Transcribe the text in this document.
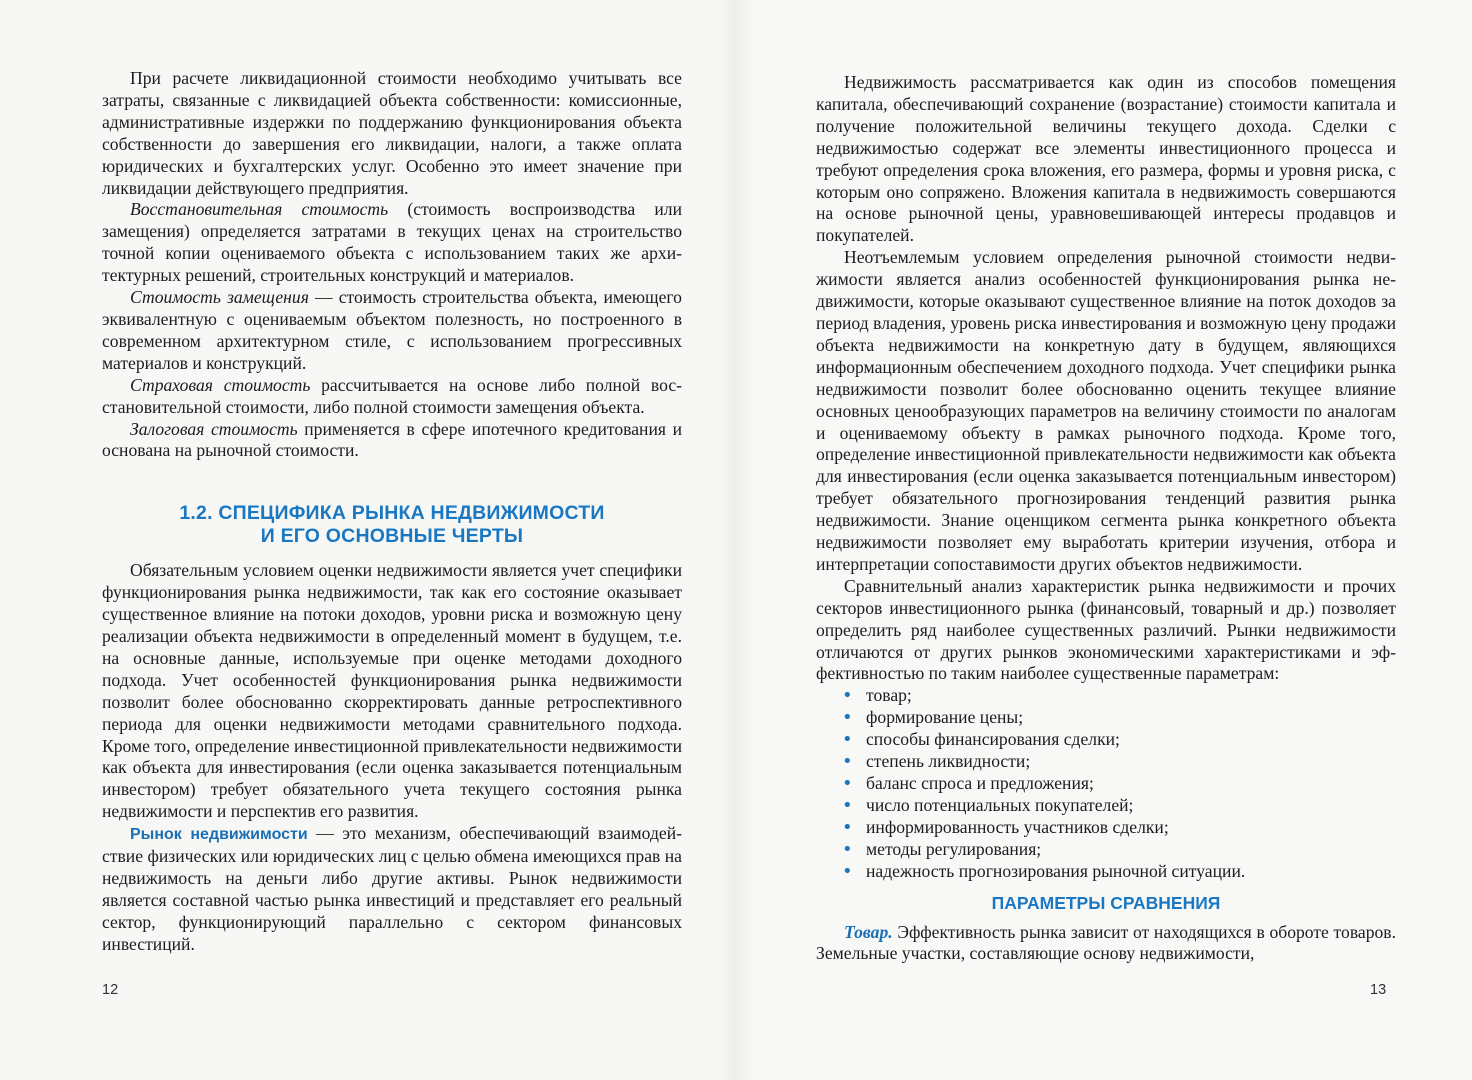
При расчете ликвидационной стоимости необходимо учитывать все затраты, связанные с ликвидацией объекта собственности: комиссионные, административные издержки по поддержанию функционирования объекта собственности до завершения его ликвидации, налоги, а также оплата юридических и бухгалтерских услуг. Особенно это имеет значение при ликвидации действующего предприятия.

Восстановительная стоимость (стоимость воспроизводства или замещения) определяется затратами в текущих ценах на строительство точной копии оцениваемого объекта с использованием таких же архитектурных решений, строительных конструкций и материалов.

Стоимость замещения — стоимость строительства объекта, имеющего эквивалентную с оцениваемым объектом полезность, но построенного в современном архитектурном стиле, с использованием прогрессивных материалов и конструкций.

Страховая стоимость рассчитывается на основе либо полной восстановительной стоимости, либо полной стоимости замещения объекта.

Залоговая стоимость применяется в сфере ипотечного кредитования и основана на рыночной стоимости.

1.2. СПЕЦИФИКА РЫНКА НЕДВИЖИМОСТИ
И ЕГО ОСНОВНЫЕ ЧЕРТЫ

Обязательным условием оценки недвижимости является учет специфики функционирования рынка недвижимости, так как его состояние оказывает существенное влияние на потоки доходов, уровни риска и возможную цену реализации объекта недвижимости в определенный момент в будущем, т.е. на основные данные, используемые при оценке методами доходного подхода. Учет особенностей функционирования рынка недвижимости позволит более обоснованно скорректировать данные ретроспективного периода для оценки недвижимости методами сравнительного подхода. Кроме того, определение инвестиционной привлекательности недвижимости как объекта для инвестирования (если оценка заказывается потенциальным инвестором) требует обязательного учета текущего состояния рынка недвижимости и перспектив его развития.

Рынок недвижимости — это механизм, обеспечивающий взаимодействие физических или юридических лиц с целью обмена имеющихся прав на недвижимость на деньги либо другие активы. Рынок недвижимости является составной частью рынка инвестиций и представляет его реальный сектор, функционирующий параллельно с сектором финансовых инвестиций.

12

Недвижимость рассматривается как один из способов помещения капитала, обеспечивающий сохранение (возрастание) стоимости капитала и получение положительной величины текущего дохода. Сделки с недвижимостью содержат все элементы инвестиционного процесса и требуют определения срока вложения, его размера, формы и уровня риска, с которым оно сопряжено. Вложения капитала в недвижимость совершаются на основе рыночной цены, уравновешивающей интересы продавцов и покупателей.

Неотъемлемым условием определения рыночной стоимости недвижимости является анализ особенностей функционирования рынка недвижимости, которые оказывают существенное влияние на поток доходов за период владения, уровень риска инвестирования и возможную цену продажи объекта недвижимости на конкретную дату в будущем, являющихся информационным обеспечением доходного подхода. Учет специфики рынка недвижимости позволит более обоснованно оценить текущее влияние основных ценообразующих параметров на величину стоимости по аналогам и оцениваемому объекту в рамках рыночного подхода. Кроме того, определение инвестиционной привлекательности недвижимости как объекта для инвестирования (если оценка заказывается потенциальным инвестором) требует обязательного прогнозирования тенденций развития рынка недвижимости. Знание оценщиком сегмента рынка конкретного объекта недвижимости позволяет ему выработать критерии изучения, отбора и интерпретации сопоставимости других объектов недвижимости.

Сравнительный анализ характеристик рынка недвижимости и прочих секторов инвестиционного рынка (финансовый, товарный и др.) позволяет определить ряд наиболее существенных различий. Рынки недвижимости отличаются от других рынков экономическими характеристиками и эффективностью по таким наиболее существенные параметрам:

• товар;
• формирование цены;
• способы финансирования сделки;
• степень ликвидности;
• баланс спроса и предложения;
• число потенциальных покупателей;
• информированность участников сделки;
• методы регулирования;
• надежность прогнозирования рыночной ситуации.
ПАРАМЕТРЫ СРАВНЕНИЯ

Товар. Эффективность рынка зависит от находящихся в обороте товаров. Земельные участки, составляющие основу недвижимости,

13
